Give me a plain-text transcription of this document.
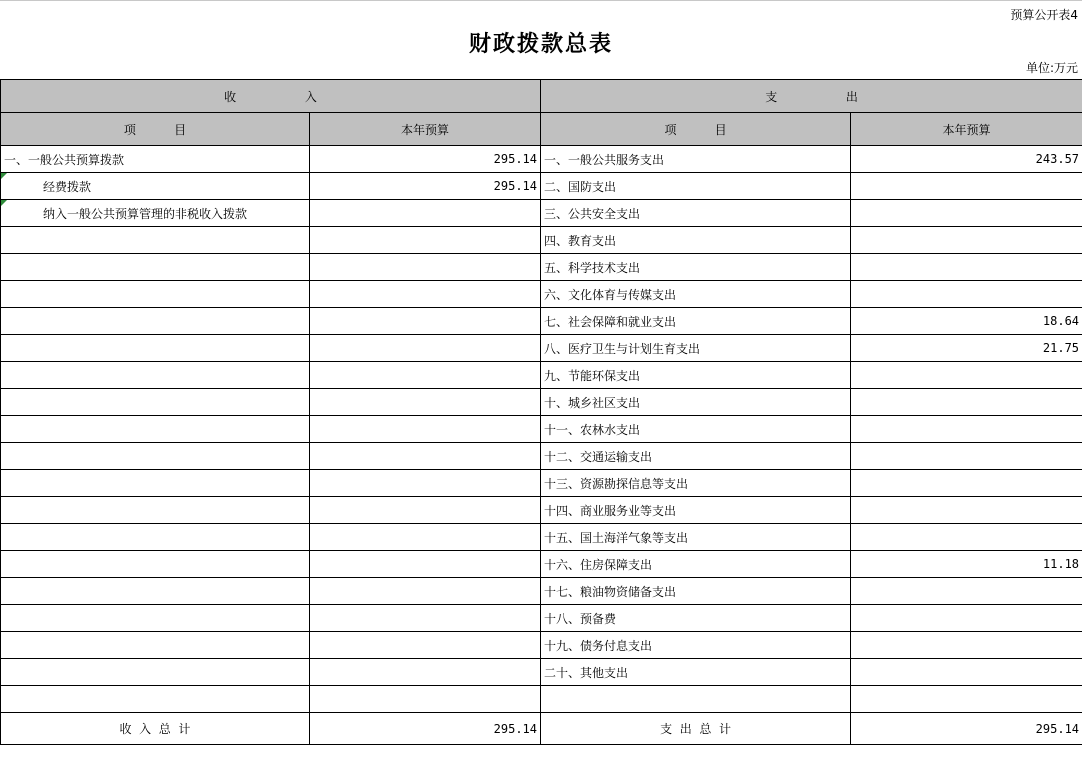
预算公开表4
财政拨款总表
单位:万元
收                  入		支                  出	
项          目	本年预算	项          目	本年预算
一、一般公共预算拨款	295.14	一、一般公共服务支出	243.57
经费拨款	295.14	二、国防支出	
纳入一般公共预算管理的非税收入拨款		三、公共安全支出	
		四、教育支出	
		五、科学技术支出	
		六、文化体育与传媒支出	
		七、社会保障和就业支出	18.64
		八、医疗卫生与计划生育支出	21.75
		九、节能环保支出	
		十、城乡社区支出	
		十一、农林水支出	
		十二、交通运输支出	
		十三、资源勘探信息等支出	
		十四、商业服务业等支出	
		十五、国土海洋气象等支出	
		十六、住房保障支出	11.18
		十七、粮油物资储备支出	
		十八、预备费	
		十九、债务付息支出	
		二十、其他支出	

收  入  总  计	295.14	支  出  总  计	295.14
